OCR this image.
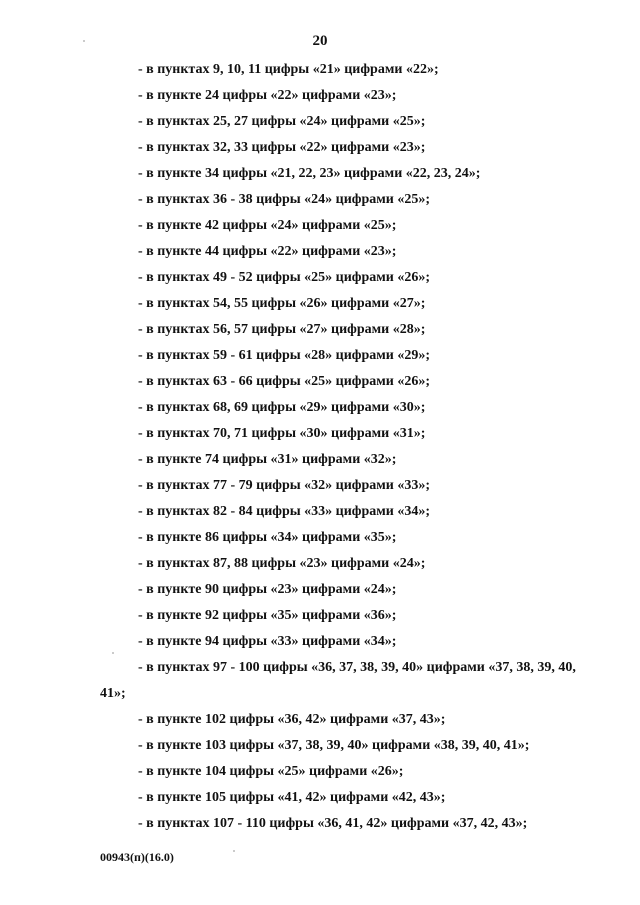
20
- в пунктах 9, 10, 11 цифры «21» цифрами «22»;
- в пункте 24 цифры «22» цифрами «23»;
- в пунктах 25, 27 цифры «24» цифрами «25»;
- в пунктах 32, 33 цифры «22» цифрами «23»;
- в пункте 34 цифры «21, 22, 23» цифрами «22, 23, 24»;
- в пунктах 36 - 38 цифры «24» цифрами «25»;
- в пункте 42 цифры «24» цифрами «25»;
- в пункте 44 цифры «22» цифрами «23»;
- в пунктах 49 - 52 цифры «25» цифрами «26»;
- в пунктах 54, 55 цифры «26» цифрами «27»;
- в пунктах 56, 57 цифры «27» цифрами «28»;
- в пунктах 59 - 61 цифры «28» цифрами «29»;
- в пунктах 63 - 66 цифры «25» цифрами «26»;
- в пунктах 68, 69 цифры «29» цифрами «30»;
- в пунктах 70, 71 цифры «30» цифрами «31»;
- в пункте 74 цифры «31» цифрами «32»;
- в пунктах 77 - 79 цифры «32» цифрами «33»;
- в пунктах 82 - 84 цифры «33» цифрами «34»;
- в пункте 86 цифры «34» цифрами «35»;
- в пунктах 87, 88 цифры «23» цифрами «24»;
- в пункте 90 цифры «23» цифрами «24»;
- в пункте 92 цифры «35» цифрами «36»;
- в пункте 94 цифры «33» цифрами «34»;
- в пунктах 97 - 100 цифры «36, 37, 38, 39, 40» цифрами «37, 38, 39, 40,
41»;
- в пункте 102 цифры «36, 42» цифрами «37, 43»;
- в пункте 103 цифры «37, 38, 39, 40» цифрами «38, 39, 40, 41»;
- в пункте 104 цифры «25» цифрами «26»;
- в пункте 105 цифры «41, 42» цифрами «42, 43»;
- в пунктах 107 - 110 цифры «36, 41, 42» цифрами «37, 42, 43»;
00943(п)(16.0)
